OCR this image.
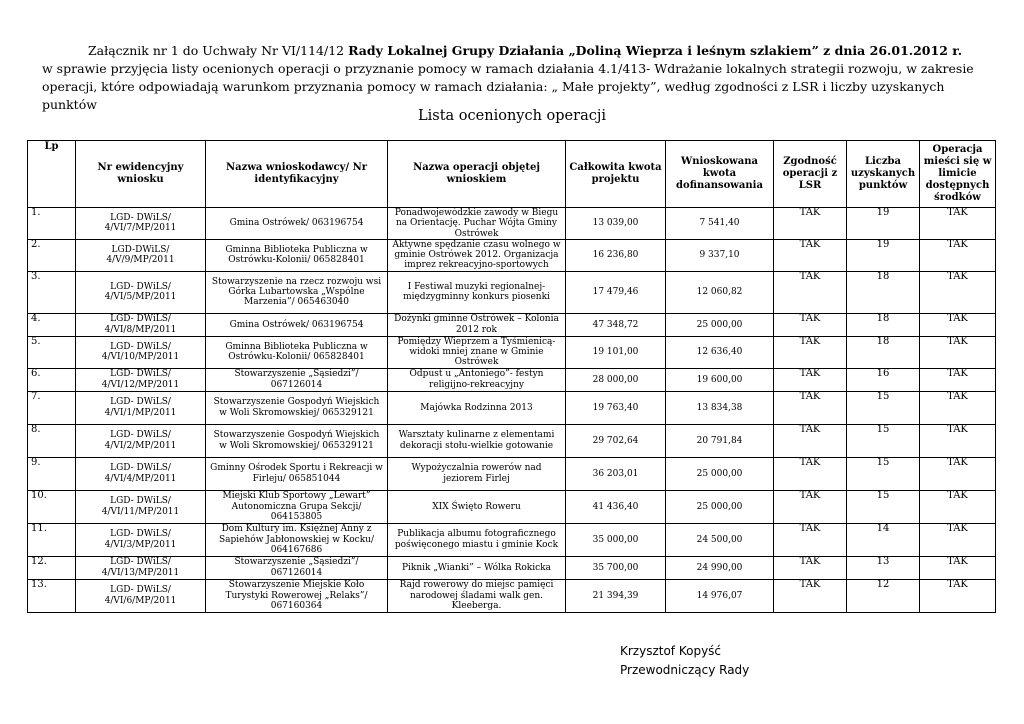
Załącznik nr 1 do Uchwały Nr VI/114/12 Rady Lokalnej Grupy Działania „Doliną Wieprza i leśnym szlakiem” z dnia 26.01.2012 r.
w sprawie przyjęcia listy ocenionych operacji o przyznanie pomocy w ramach działania 4.1/413- Wdrażanie lokalnych strategii rozwoju, w zakresie operacji, które odpowiadają warunkom przyznania pomocy w ramach działania: „ Małe projekty”, według zgodności z LSR i liczby uzyskanych punktów
Lista ocenionych operacji
Lp	Nr ewidencyjny wniosku	Nazwa wnioskodawcy/ Nr identyfikacyjny	Nazwa operacji objętej wnioskiem	Całkowita kwota projektu	Wnioskowana kwota dofinansowania	Zgodność operacji z LSR	Liczba uzyskanych punktów	Operacja mieści się w limicie dostępnych środków
1.	LGD- DWiLS/ 4/VI/7/MP/2011	Gmina Ostrówek/ 063196754	Ponadwojewódzkie zawody w Biegu na Orientację. Puchar Wójta Gminy Ostrówek	13 039,00	7 541,40	TAK	19	TAK
2.	LGD-DWiLS/ 4/V/9/MP/2011	Gminna Biblioteka Publiczna w Ostrówku-Kolonii/ 065828401	Aktywne spędzanie czasu wolnego w gminie Ostrówek 2012. Organizacja imprez rekreacyjno-sportowych	16 236,80	9 337,10	TAK	19	TAK
3.	LGD- DWiLS/ 4/VI/5/MP/2011	Stowarzyszenie na rzecz rozwoju wsi Górka Lubartowska „Wspólne Marzenia”/ 065463040	I Festiwal muzyki regionalnej-międzygminny konkurs piosenki	17 479,46	12 060,82	TAK	18	TAK
4.	LGD- DWiLS/ 4/VI/8/MP/2011	Gmina Ostrówek/ 063196754	Dożynki gminne Ostrówek – Kolonia 2012 rok	47 348,72	25 000,00	TAK	18	TAK
5.	LGD- DWiLS/ 4/VI/10/MP/2011	Gminna Biblioteka Publiczna w Ostrówku-Kolonii/ 065828401	Pomiędzy Wieprzem a Tyśmienicą-widoki mniej znane w Gminie Ostrówek	19 101,00	12 636,40	TAK	18	TAK
6.	LGD- DWiLS/ 4/VI/12/MP/2011	Stowarzyszenie „Sąsiedzi”/ 067126014	Odpust u „Antoniego”- festyn religijno-rekreacyjny	28 000,00	19 600,00	TAK	16	TAK
7.	LGD- DWiLS/ 4/VI/1/MP/2011	Stowarzyszenie Gospodyń Wiejskich w Woli Skromowskiej/ 065329121	Majówka Rodzinna 2013	19 763,40	13 834,38	TAK	15	TAK
8.	LGD- DWiLS/ 4/VI/2/MP/2011	Stowarzyszenie Gospodyń Wiejskich w Woli Skromowskiej/ 065329121	Warsztaty kulinarne z elementami dekoracji stołu-wielkie gotowanie	29 702,64	20 791,84	TAK	15	TAK
9.	LGD- DWiLS/ 4/VI/4/MP/2011	Gminny Ośrodek Sportu i Rekreacji w Firleju/ 065851044	Wypożyczalnia rowerów nad jeziorem Firlej	36 203,01	25 000,00	TAK	15	TAK
10.	LGD- DWiLS/ 4/VI/11/MP/2011	Miejski Klub Sportowy „Lewart” Autonomiczna Grupa Sekcji/ 064153805	XIX Święto Roweru	41 436,40	25 000,00	TAK	15	TAK
11.	LGD- DWiLS/ 4/VI/3/MP/2011	Dom Kultury im. Księżnej Anny z Sapiehów Jabłonowskiej w Kocku/ 064167686	Publikacja albumu fotograficznego poświęconego miastu i gminie Kock	35 000,00	24 500,00	TAK	14	TAK
12.	LGD- DWiLS/ 4/VI/13/MP/2011	Stowarzyszenie „Sąsiedzi”/ 067126014	Piknik „Wianki” – Wólka Rokicka	35 700,00	24 990,00	TAK	13	TAK
13.	LGD- DWiLS/ 4/VI/6/MP/2011	Stowarzyszenie Miejskie Koło Turystyki Rowerowej „Relaks”/ 067160364	Rajd rowerowy do miejsc pamięci narodowej śladami walk gen. Kleeberga.	21 394,39	14 976,07	TAK	12	TAK
Krzysztof Kopyść
Przewodniczący Rady
